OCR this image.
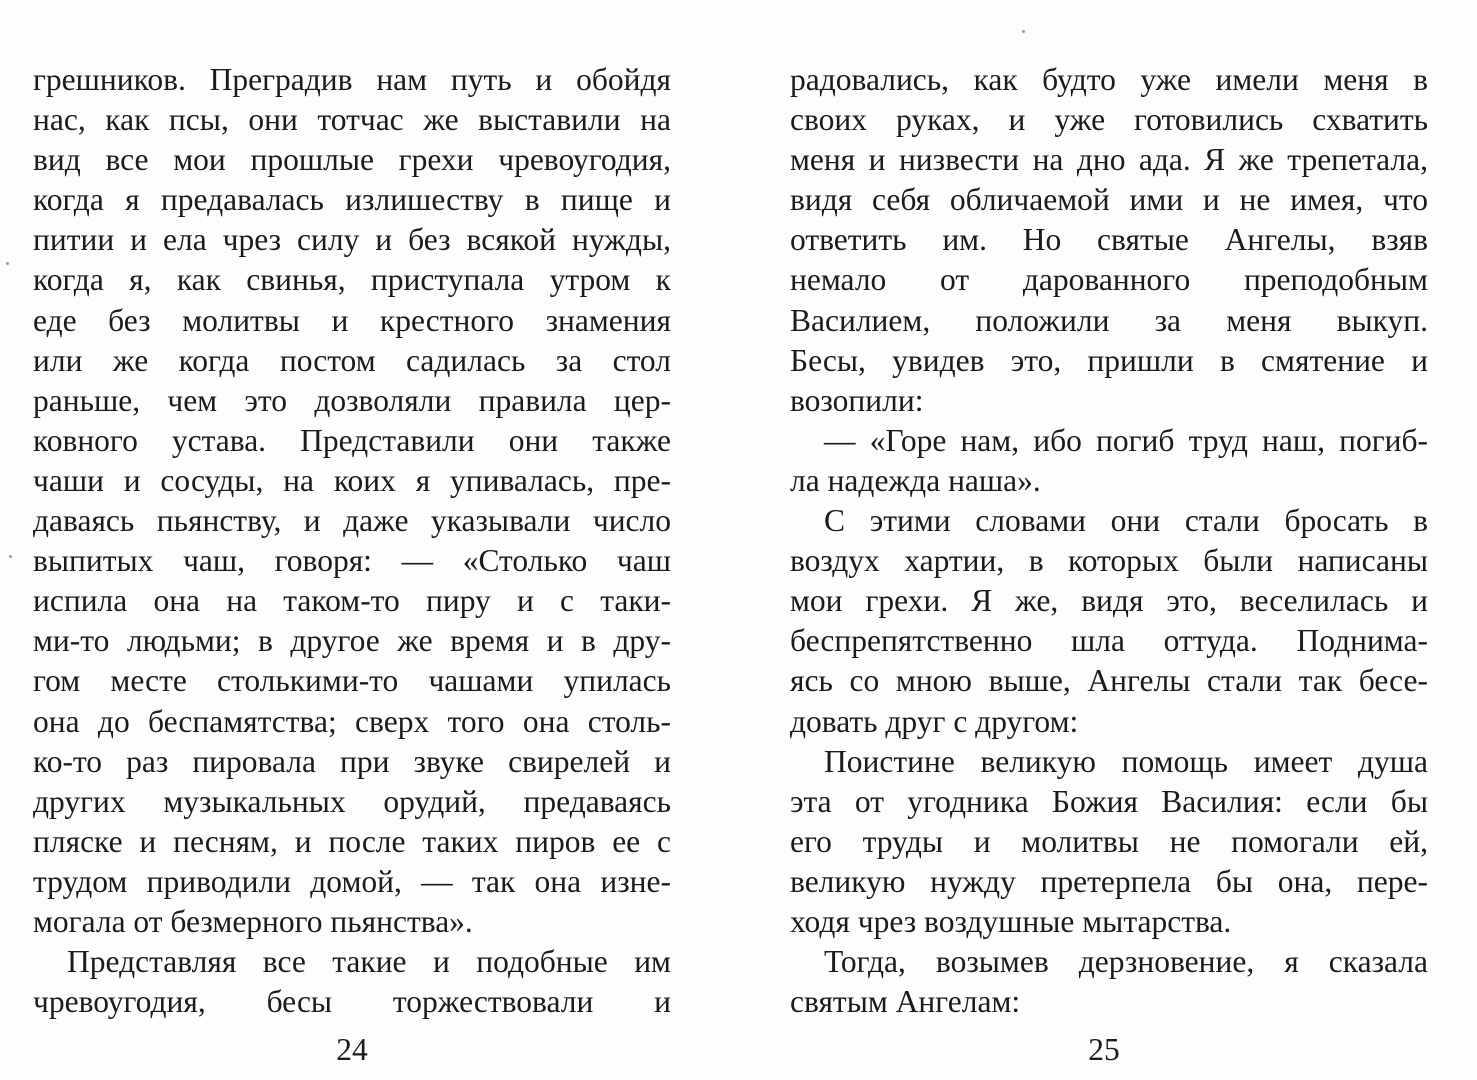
грешников. Преградив нам путь и обойдя
нас, как псы, они тотчас же выставили на
вид все мои прошлые грехи чревоугодия,
когда я предавалась излишеству в пище и
питии и ела чрез силу и без всякой нужды,
когда я, как свинья, приступала утром к
еде без молитвы и крестного знамения
или же когда постом садилась за стол
раньше, чем это дозволяли правила цер-
ковного устава. Представили они также
чаши и сосуды, на коих я упивалась, пре-
даваясь пьянству, и даже указывали число
выпитых чаш, говоря: — «Столько чаш
испила она на таком-то пиру и с таки-
ми-то людьми; в другое же время и в дру-
гом месте столькими-то чашами упилась
она до беспамятства; сверх того она столь-
ко-то раз пировала при звуке свирелей и
других музыкальных орудий, предаваясь
пляске и песням, и после таких пиров ее с
трудом приводили домой, — так она изне-
могала от безмерного пьянства».
Представляя все такие и подобные им
чревоугодия, бесы торжествовали и
радовались, как будто уже имели меня в
своих руках, и уже готовились схватить
меня и низвести на дно ада. Я же трепетала,
видя себя обличаемой ими и не имея, что
ответить им. Но святые Ангелы, взяв
немало от дарованного преподобным
Василием, положили за меня выкуп.
Бесы, увидев это, пришли в смятение и
возопили:
— «Горе нам, ибо погиб труд наш, погиб-
ла надежда наша».
С этими словами они стали бросать в
воздух хартии, в которых были написаны
мои грехи. Я же, видя это, веселилась и
беспрепятственно шла оттуда. Поднима-
ясь со мною выше, Ангелы стали так бесе-
довать друг с другом:
Поистине великую помощь имеет душа
эта от угодника Божия Василия: если бы
его труды и молитвы не помогали ей,
великую нужду претерпела бы она, пере-
ходя чрез воздушные мытарства.
Тогда, возымев дерзновение, я сказала
святым Ангелам:
24	25
